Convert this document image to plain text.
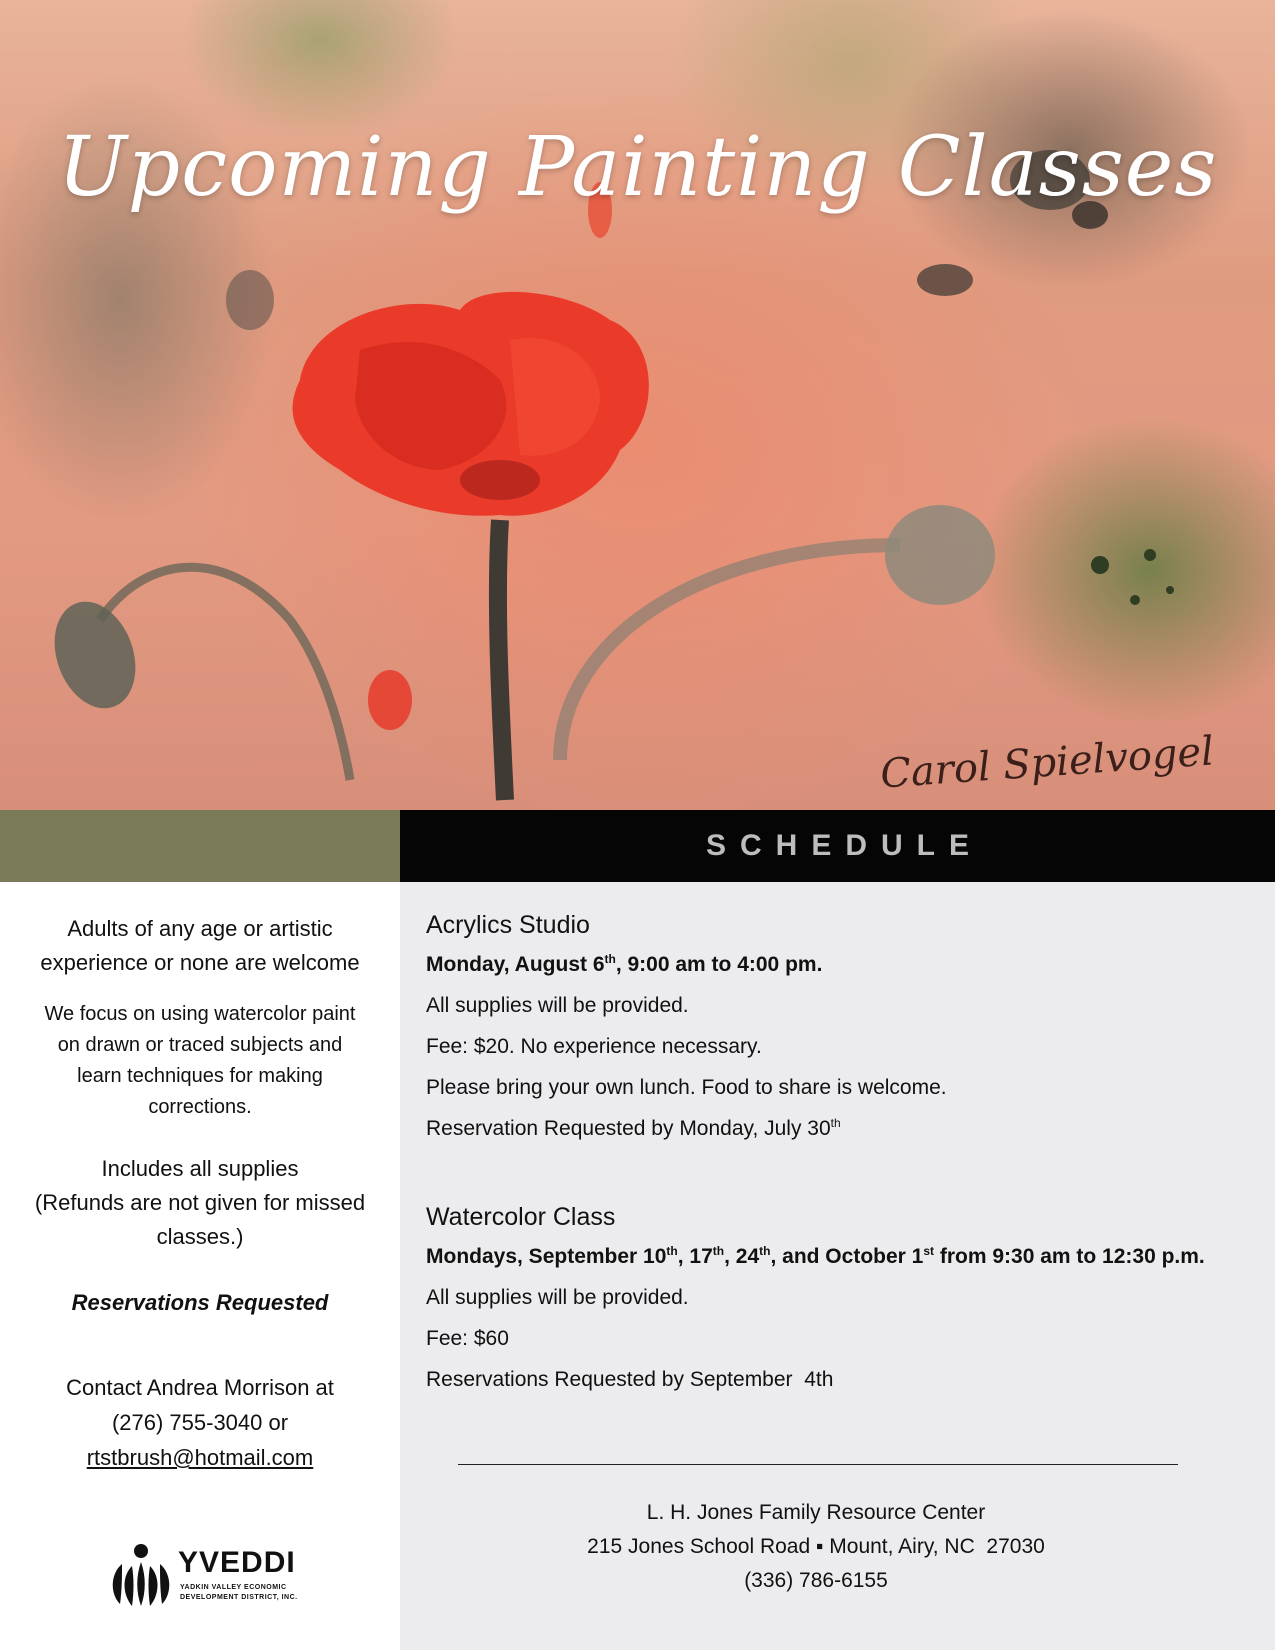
Upcoming Painting Classes
Carol Spielvogel
SCHEDULE

Adults of any age or artistic experience or none are welcome

We focus on using watercolor paint on drawn or traced subjects and learn techniques for making corrections.

Includes all supplies

(Refunds are not given for missed classes.)

Reservations Requested

Contact Andrea Morrison at

(276) 755-3040 or

rtstbrush@hotmail.com

YVEDDI
YADKIN VALLEY ECONOMIC
DEVELOPMENT DISTRICT, INC.

Acrylics Studio

Monday, August 6th, 9:00 am to 4:00 pm.

All supplies will be provided.

Fee: $20. No experience necessary.

Please bring your own lunch. Food to share is welcome.

Reservation Requested by Monday, July 30th

Watercolor Class

Mondays, September 10th, 17th, 24th, and October 1st from 9:30 am to 12:30 p.m.

All supplies will be provided.

Fee: $60

Reservations Requested by September  4th

L. H. Jones Family Resource Center

215 Jones School Road ▪ Mount, Airy, NC  27030

(336) 786-6155
